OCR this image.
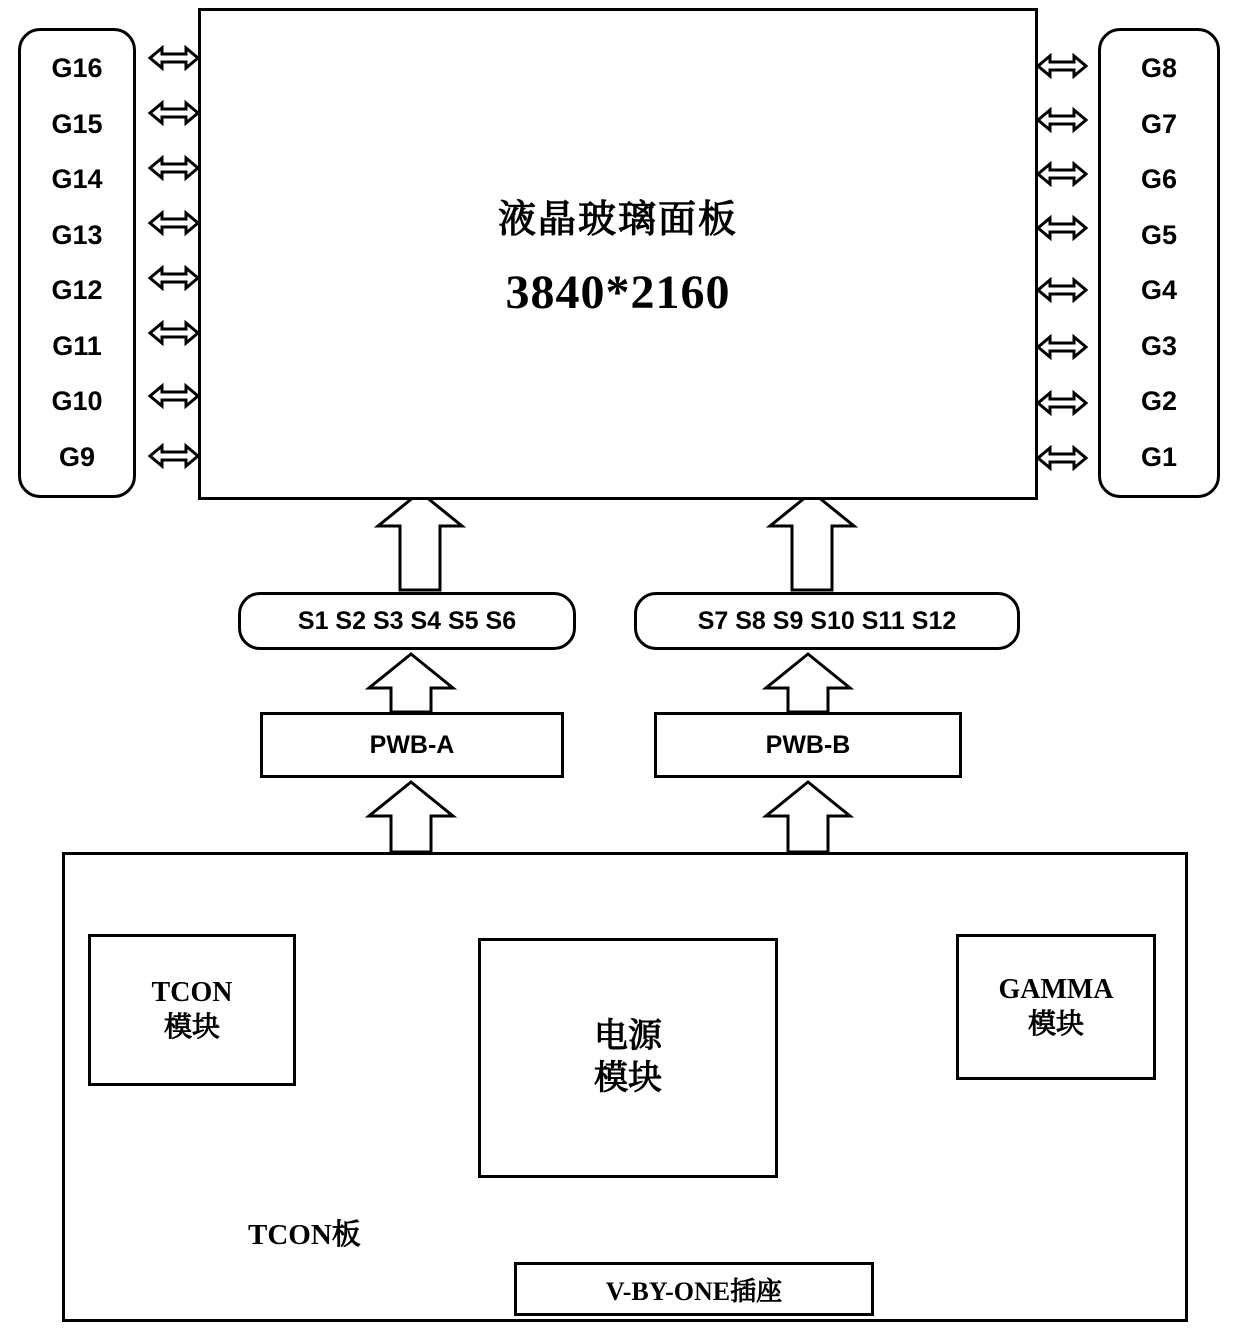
G16
G15
G14
G13
G12
G11
G10
G9
液晶玻璃面板
3840*2160
G8
G7
G6
G5
G4
G3
G2
G1
S1 S2 S3 S4 S5 S6	S7 S8 S9 S10 S11 S12
PWB-A	PWB-B
TCON板
TCON
模块	电源
模块
GAMMA
模块
V-BY-ONE插座
